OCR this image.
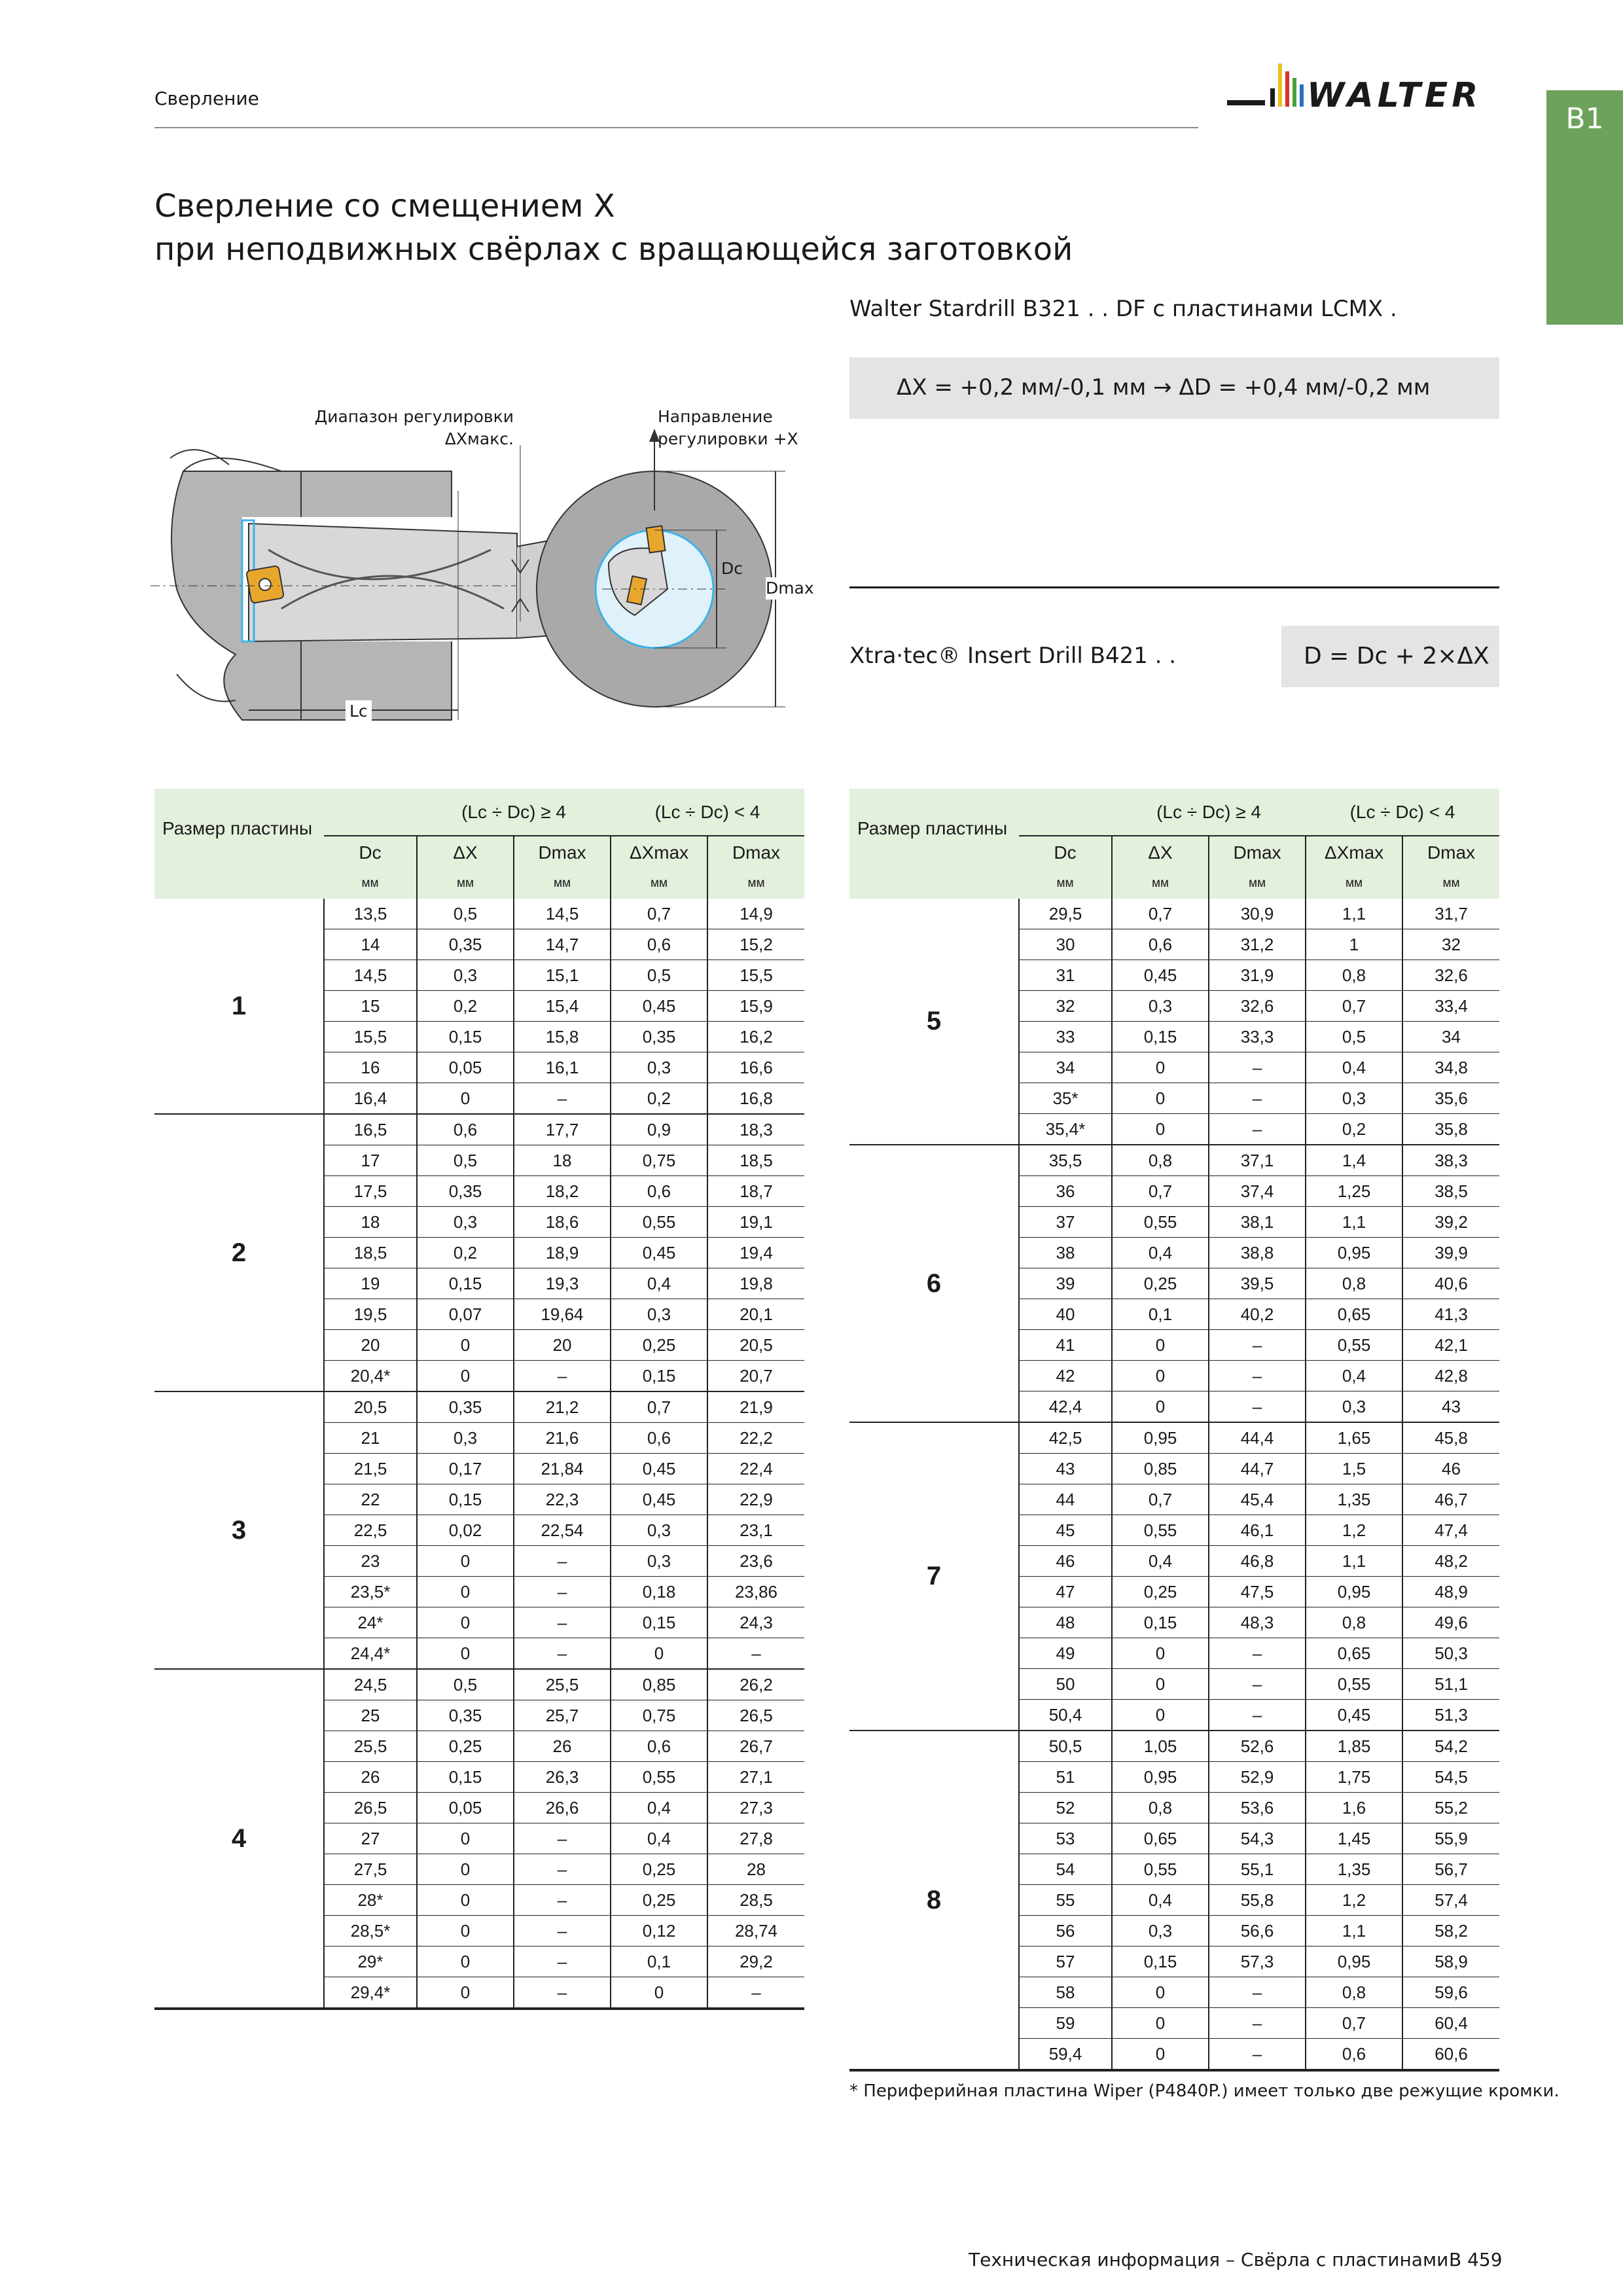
Сверление	WALTER
B1
Сверление со смещением X
при неподвижных свёрлах с вращающейся заготовкой
Walter Stardrill B321 . . DF с пластинами LCMX .
ΔX = +0,2 мм/-0,1 мм → ΔD = +0,4 мм/-0,2 мм
Xtra·tec® Insert Drill B421 . .	D = Dc + 2×ΔX
Диапазон регулировки
ΔXмакс.
Направление
регулировки +X
Dc
Dmax
Lc
Размер пластины		(Lc ÷ Dc) ≥ 4		(Lc ÷ Dc) < 4	
	Dc	ΔX	Dmax	ΔXmax	Dmax
	мм	мм	мм	мм	мм
1	13,5	0,5	14,5	0,7	14,9
	14	0,35	14,7	0,6	15,2
	14,5	0,3	15,1	0,5	15,5
	15	0,2	15,4	0,45	15,9
	15,5	0,15	15,8	0,35	16,2
	16	0,05	16,1	0,3	16,6
	16,4	0	–	0,2	16,8
2	16,5	0,6	17,7	0,9	18,3
	17	0,5	18	0,75	18,5
	17,5	0,35	18,2	0,6	18,7
	18	0,3	18,6	0,55	19,1
	18,5	0,2	18,9	0,45	19,4
	19	0,15	19,3	0,4	19,8
	19,5	0,07	19,64	0,3	20,1
	20	0	20	0,25	20,5
	20,4*	0	–	0,15	20,7
3	20,5	0,35	21,2	0,7	21,9
	21	0,3	21,6	0,6	22,2
	21,5	0,17	21,84	0,45	22,4
	22	0,15	22,3	0,45	22,9
	22,5	0,02	22,54	0,3	23,1
	23	0	–	0,3	23,6
	23,5*	0	–	0,18	23,86
	24*	0	–	0,15	24,3
	24,4*	0	–	0	–
4	24,5	0,5	25,5	0,85	26,2
	25	0,35	25,7	0,75	26,5
	25,5	0,25	26	0,6	26,7
	26	0,15	26,3	0,55	27,1
	26,5	0,05	26,6	0,4	27,3
	27	0	–	0,4	27,8
	27,5	0	–	0,25	28
	28*	0	–	0,25	28,5
	28,5*	0	–	0,12	28,74
	29*	0	–	0,1	29,2
	29,4*	0	–	0	–
Размер пластины		(Lc ÷ Dc) ≥ 4		(Lc ÷ Dc) < 4	
	Dc	ΔX	Dmax	ΔXmax	Dmax
	мм	мм	мм	мм	мм
5	29,5	0,7	30,9	1,1	31,7
	30	0,6	31,2	1	32
	31	0,45	31,9	0,8	32,6
	32	0,3	32,6	0,7	33,4
	33	0,15	33,3	0,5	34
	34	0	–	0,4	34,8
	35*	0	–	0,3	35,6
	35,4*	0	–	0,2	35,8
6	35,5	0,8	37,1	1,4	38,3
	36	0,7	37,4	1,25	38,5
	37	0,55	38,1	1,1	39,2
	38	0,4	38,8	0,95	39,9
	39	0,25	39,5	0,8	40,6
	40	0,1	40,2	0,65	41,3
	41	0	–	0,55	42,1
	42	0	–	0,4	42,8
	42,4	0	–	0,3	43
7	42,5	0,95	44,4	1,65	45,8
	43	0,85	44,7	1,5	46
	44	0,7	45,4	1,35	46,7
	45	0,55	46,1	1,2	47,4
	46	0,4	46,8	1,1	48,2
	47	0,25	47,5	0,95	48,9
	48	0,15	48,3	0,8	49,6
	49	0	–	0,65	50,3
	50	0	–	0,55	51,1
	50,4	0	–	0,45	51,3
8	50,5	1,05	52,6	1,85	54,2
	51	0,95	52,9	1,75	54,5
	52	0,8	53,6	1,6	55,2
	53	0,65	54,3	1,45	55,9
	54	0,55	55,1	1,35	56,7
	55	0,4	55,8	1,2	57,4
	56	0,3	56,6	1,1	58,2
	57	0,15	57,3	0,95	58,9
	58	0	–	0,8	59,6
	59	0	–	0,7	60,4
	59,4	0	–	0,6	60,6
* Периферийная пластина Wiper (P4840P.) имеет только две режущие кромки.
Техническая информация – Свёрла с пластинами B 459
